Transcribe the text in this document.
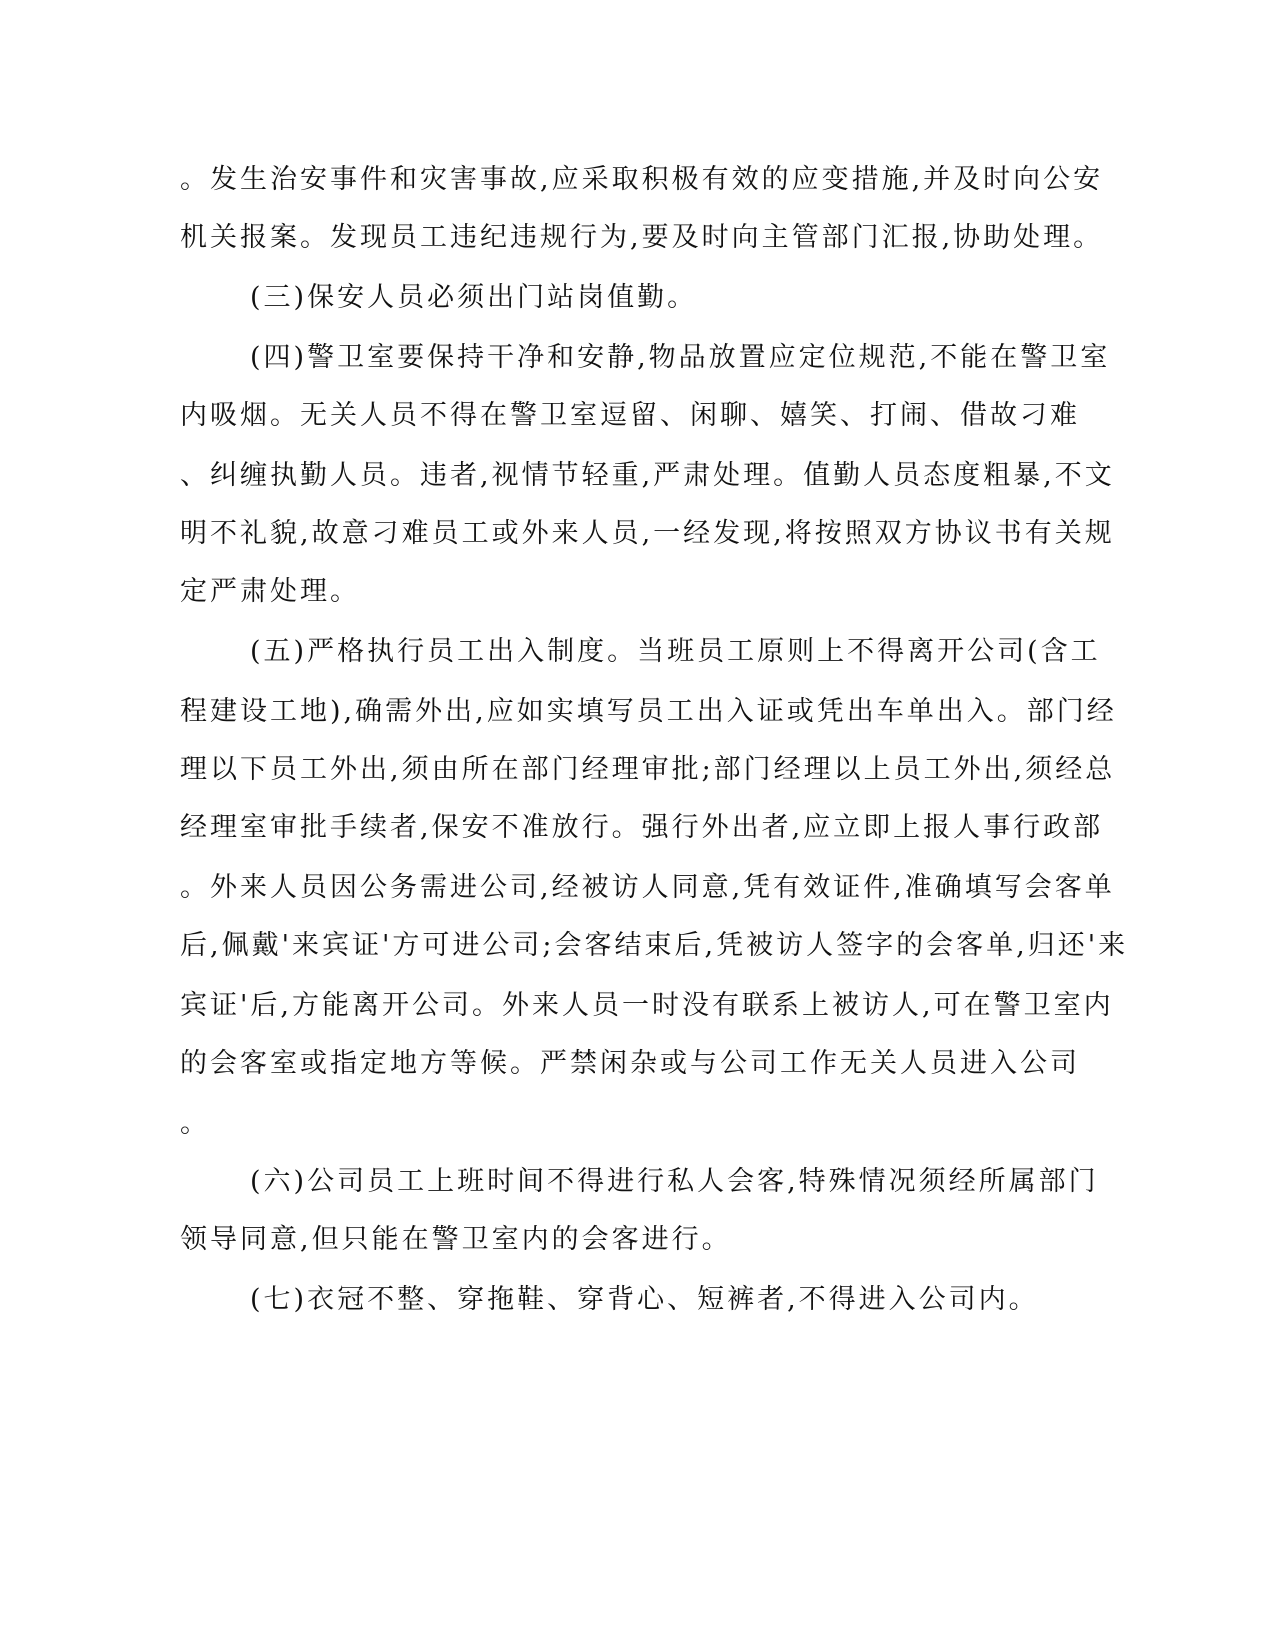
。发生治安事件和灾害事故,应采取积极有效的应变措施,并及时向公安
机关报案。发现员工违纪违规行为,要及时向主管部门汇报,协助处理。
(三)保安人员必须出门站岗值勤。
(四)警卫室要保持干净和安静,物品放置应定位规范,不能在警卫室
内吸烟。无关人员不得在警卫室逗留、闲聊、嬉笑、打闹、借故刁难
、纠缠执勤人员。违者,视情节轻重,严肃处理。值勤人员态度粗暴,不文
明不礼貌,故意刁难员工或外来人员,一经发现,将按照双方协议书有关规
定严肃处理。
(五)严格执行员工出入制度。当班员工原则上不得离开公司(含工
程建设工地),确需外出,应如实填写员工出入证或凭出车单出入。部门经
理以下员工外出,须由所在部门经理审批;部门经理以上员工外出,须经总
经理室审批手续者,保安不准放行。强行外出者,应立即上报人事行政部
。外来人员因公务需进公司,经被访人同意,凭有效证件,准确填写会客单
后,佩戴'来宾证'方可进公司;会客结束后,凭被访人签字的会客单,归还'来
宾证'后,方能离开公司。外来人员一时没有联系上被访人,可在警卫室内
的会客室或指定地方等候。严禁闲杂或与公司工作无关人员进入公司
。
(六)公司员工上班时间不得进行私人会客,特殊情况须经所属部门
领导同意,但只能在警卫室内的会客进行。
(七)衣冠不整、穿拖鞋、穿背心、短裤者,不得进入公司内。
